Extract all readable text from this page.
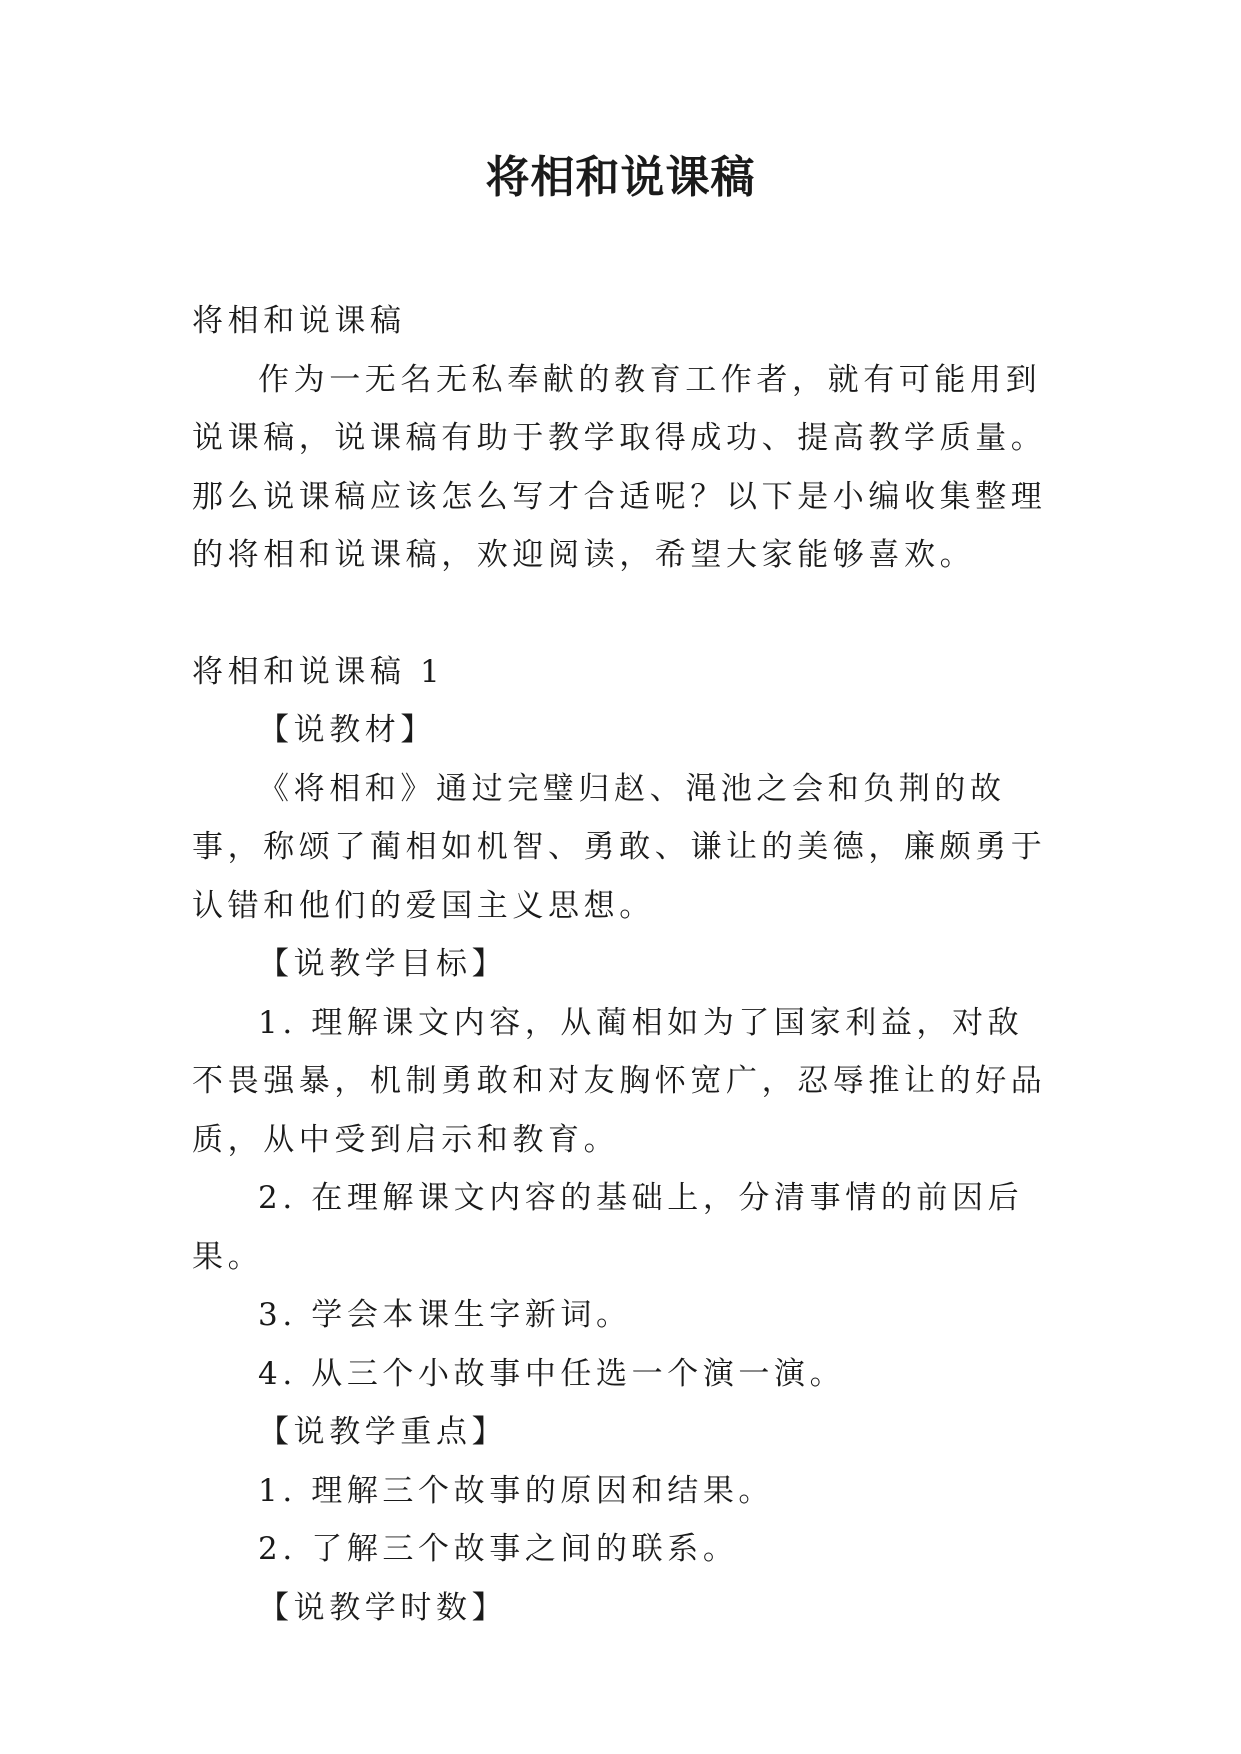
将相和说课稿

将相和说课稿

作为一无名无私奉献的教育工作者，就有可能用到说课稿，说课稿有助于教学取得成功、提高教学质量。那么说课稿应该怎么写才合适呢？以下是小编收集整理的将相和说课稿，欢迎阅读，希望大家能够喜欢。

将相和说课稿 1

【说教材】

《将相和》通过完璧归赵、渑池之会和负荆的故事，称颂了蔺相如机智、勇敢、谦让的美德，廉颇勇于认错和他们的爱国主义思想。

【说教学目标】

1. 理解课文内容，从蔺相如为了国家利益，对敌不畏强暴，机制勇敢和对友胸怀宽广，忍辱推让的好品质，从中受到启示和教育。

2. 在理解课文内容的基础上，分清事情的前因后果。

3. 学会本课生字新词。

4. 从三个小故事中任选一个演一演。

【说教学重点】

1. 理解三个故事的原因和结果。

2. 了解三个故事之间的联系。

【说教学时数】
